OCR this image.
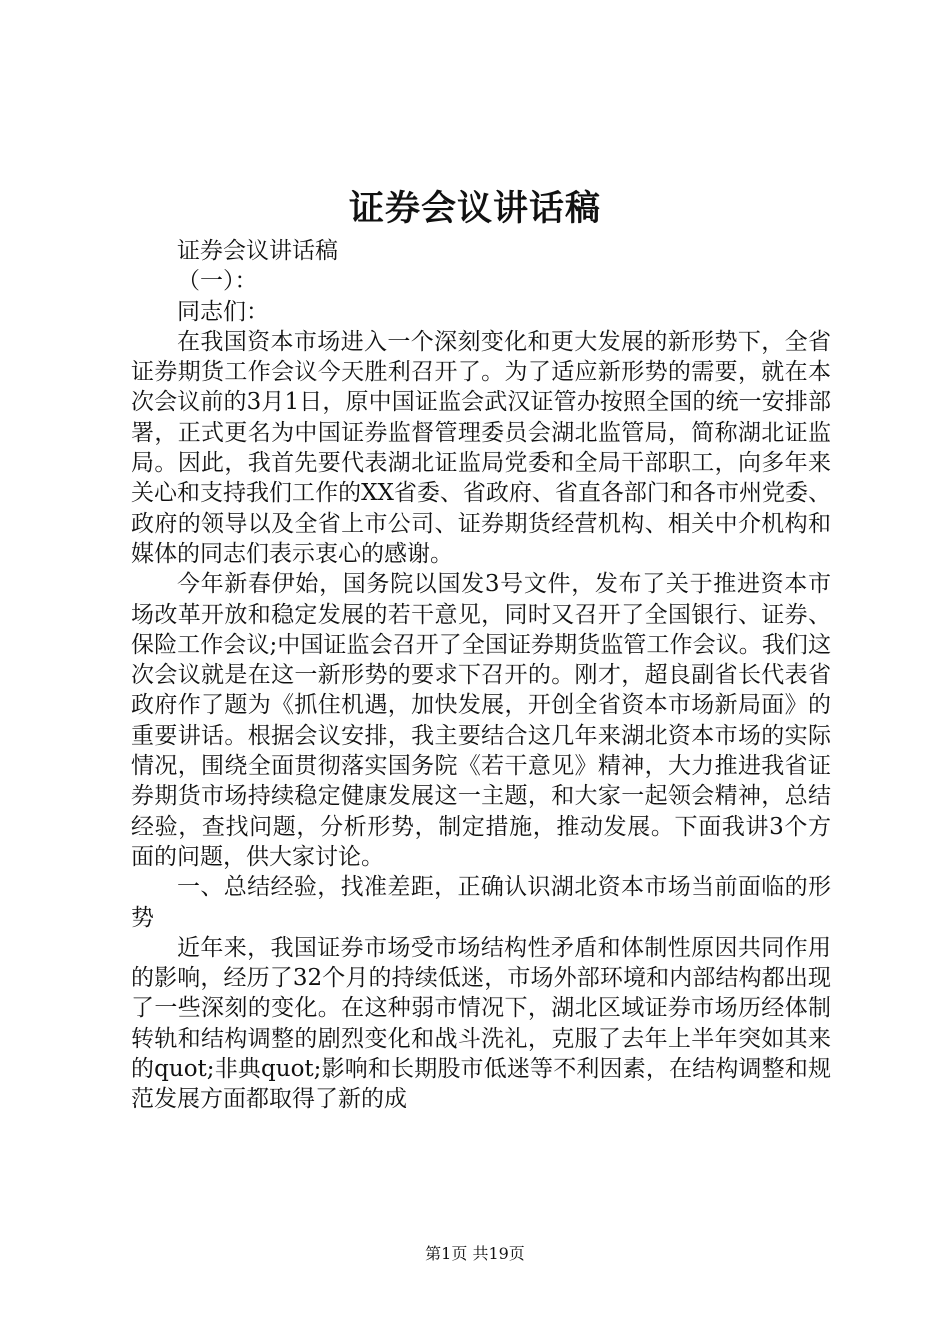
证券会议讲话稿

证券会议讲话稿

（一）：

同志们：

在我国资本市场进入一个深刻变化和更大发展的新形势下，全省证券期货工作会议今天胜利召开了。为了适应新形势的需要，就在本次会议前的3月1日，原中国证监会武汉证管办按照全国的统一安排部署，正式更名为中国证券监督管理委员会湖北监管局，简称湖北证监局。因此，我首先要代表湖北证监局党委和全局干部职工，向多年来关心和支持我们工作的XX省委、省政府、省直各部门和各市州党委、政府的领导以及全省上市公司、证券期货经营机构、相关中介机构和媒体的同志们表示衷心的感谢。

今年新春伊始，国务院以国发3号文件，发布了关于推进资本市场改革开放和稳定发展的若干意见，同时又召开了全国银行、证券、保险工作会议;中国证监会召开了全国证券期货监管工作会议。我们这次会议就是在这一新形势的要求下召开的。刚才，超良副省长代表省政府作了题为《抓住机遇，加快发展，开创全省资本市场新局面》的重要讲话。根据会议安排，我主要结合这几年来湖北资本市场的实际情况，围绕全面贯彻落实国务院《若干意见》精神，大力推进我省证券期货市场持续稳定健康发展这一主题，和大家一起领会精神，总结经验，查找问题，分析形势，制定措施，推动发展。下面我讲3个方面的问题，供大家讨论。

一、总结经验，找准差距，正确认识湖北资本市场当前面临的形势

近年来，我国证券市场受市场结构性矛盾和体制性原因共同作用的影响，经历了32个月的持续低迷，市场外部环境和内部结构都出现了一些深刻的变化。在这种弱市情况下，湖北区域证券市场历经体制转轨和结构调整的剧烈变化和战斗洗礼，克服了去年上半年突如其来的quot;非典quot;影响和长期股市低迷等不利因素，在结构调整和规范发展方面都取得了新的成

第1页 共19页
